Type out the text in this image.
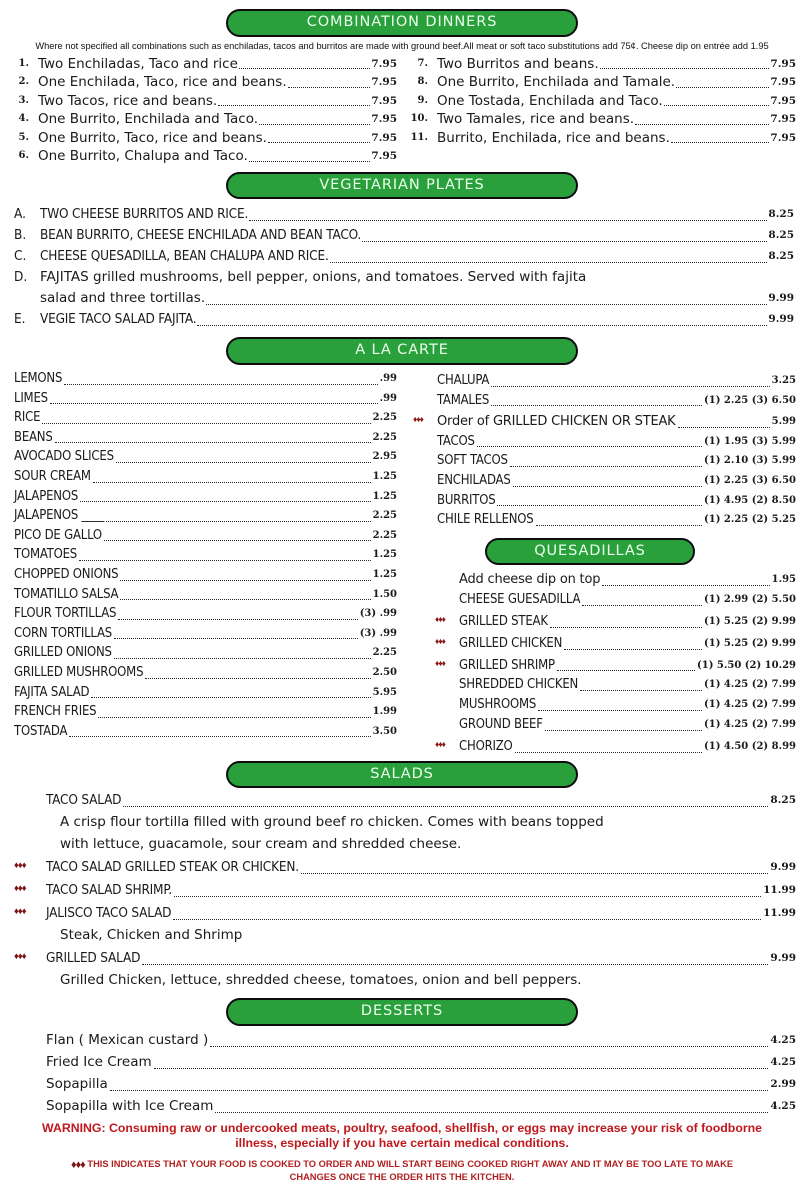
COMBINATION DINNERS
Where not specified all combinations such as enchiladas, tacos and burritos are made with ground beef.All meat or soft taco substitutions add 75¢. Cheese dip on entrée add 1.95
1. Two Enchiladas, Taco and rice	7.95
2. One Enchilada, Taco, rice and beans.	7.95
3. Two Tacos, rice and beans.	7.95
4. One Burrito, Enchilada and Taco.	7.95
5. One Burrito, Taco, rice and beans.	7.95
6. One Burrito, Chalupa and Taco.	7.95
7. Two Burritos and beans.	7.95
8. One Burrito, Enchilada and Tamale.	7.95
9. One Tostada, Enchilada and Taco.	7.95
10. Two Tamales, rice and beans.	7.95
11. Burrito, Enchilada, rice and beans.	7.95
VEGETARIAN PLATES
A.	TWO CHEESE BURRITOS AND RICE.	8.25
B.	BEAN BURRITO, CHEESE ENCHILADA AND BEAN TACO.	8.25
C.	CHEESE QUESADILLA, BEAN CHALUPA AND RICE.	8.25
D. FAJITAS grilled mushrooms, bell pepper, onions, and tomatoes. Served with fajita
salad and three tortillas.	9.99
E.	VEGIE TACO SALAD FAJITA.	9.99
A LA CARTE
LEMONS	.99
LIMES	.99
RICE	2.25
BEANS	2.25
AVOCADO SLICES	2.95
SOUR CREAM	1.25
JALAPENOS	1.25
JALAPENOS ____	2.25
PICO DE GALLO	2.25
TOMATOES	1.25
CHOPPED ONIONS	1.25
TOMATILLO SALSA	1.50
FLOUR TORTILLAS	(3) .99
CORN TORTILLAS	(3) .99
GRILLED ONIONS	2.25
GRILLED MUSHROOMS	2.50
FAJITA SALAD	5.95
FRENCH FRIES	1.99
TOSTADA	3.50
CHALUPA	3.25
TAMALES	(1) 2.25 (3) 6.50
♦♦♦	Order of GRILLED CHICKEN OR STEAK	5.99
TACOS	(1) 1.95 (3) 5.99
SOFT TACOS	(1) 2.10 (3) 5.99
ENCHILADAS	(1) 2.25 (3) 6.50
BURRITOS	(1) 4.95 (2) 8.50
CHILE RELLENOS	(1) 2.25 (2) 5.25
QUESADILLAS
Add cheese dip on top	1.95
CHEESE GUESADILLA	(1) 2.99 (2) 5.50
♦♦♦	GRILLED STEAK	(1) 5.25 (2) 9.99
♦♦♦	GRILLED CHICKEN	(1) 5.25 (2) 9.99
♦♦♦	GRILLED SHRIMP	(1) 5.50 (2) 10.29
SHREDDED CHICKEN	(1) 4.25 (2) 7.99
MUSHROOMS	(1) 4.25 (2) 7.99
GROUND BEEF	(1) 4.25 (2) 7.99
♦♦♦	CHORIZO	(1) 4.50 (2) 8.99
SALADS
TACO SALAD	8.25
A crisp flour tortilla filled with ground beef ro chicken. Comes with beans topped
with lettuce, guacamole, sour cream and shredded cheese.
♦♦♦	TACO SALAD GRILLED STEAK OR CHICKEN.	9.99
♦♦♦	TACO SALAD SHRIMP.	11.99
♦♦♦	JALISCO TACO SALAD	11.99
Steak, Chicken and Shrimp
♦♦♦	GRILLED SALAD	9.99
Grilled Chicken, lettuce, shredded cheese, tomatoes, onion and bell peppers.
DESSERTS
Flan ( Mexican custard )	4.25
Fried Ice Cream	4.25
Sopapilla	2.99
Sopapilla with Ice Cream	4.25
WARNING: Consuming raw or undercooked meats, poultry, seafood, shellfish, or eggs may increase your risk of foodborne
illness, especially if you have certain medical conditions.
♦♦♦ THIS INDICATES THAT YOUR FOOD IS COOKED TO ORDER AND WILL START BEING COOKED RIGHT AWAY AND IT MAY BE TOO LATE TO MAKE
CHANGES ONCE THE ORDER HITS THE KITCHEN.
